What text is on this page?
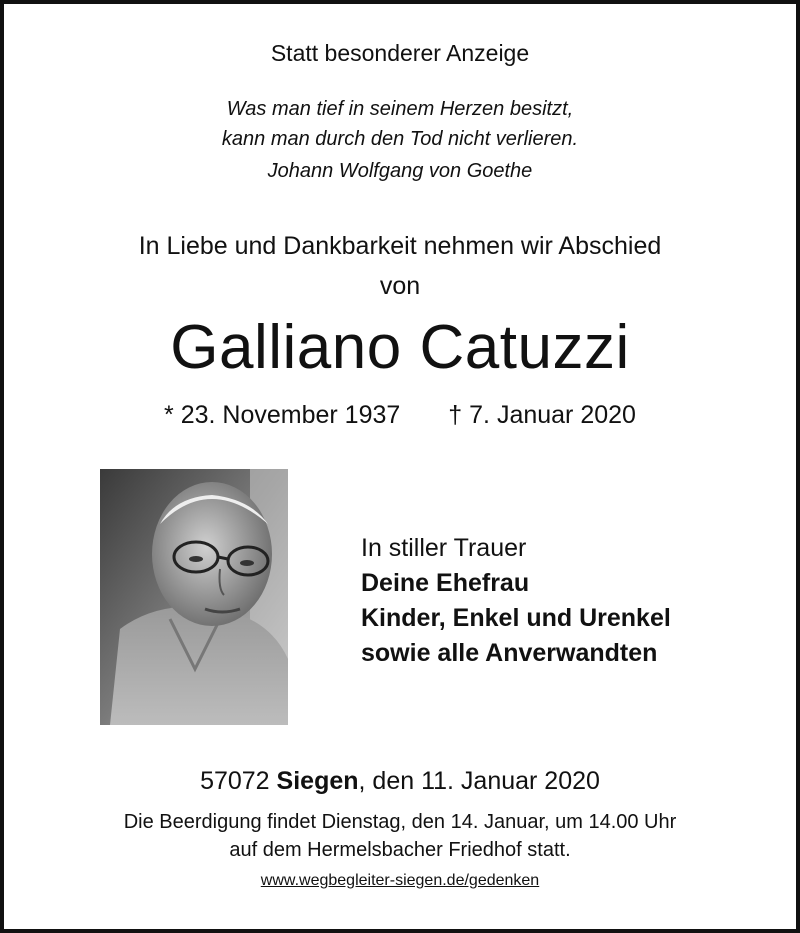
Statt besonderer Anzeige
Was man tief in seinem Herzen besitzt,
kann man durch den Tod nicht verlieren.
Johann Wolfgang von Goethe
In Liebe und Dankbarkeit nehmen wir Abschied
von
Galliano Catuzzi
* 23. November 1937 † 7. Januar 2020
In stiller Trauer
Deine Ehefrau
Kinder, Enkel und Urenkel
sowie alle Anverwandten
57072 Siegen, den 11. Januar 2020
Die Beerdigung findet Dienstag, den 14. Januar, um 14.00 Uhr
auf dem Hermelsbacher Friedhof statt.
www.wegbegleiter-siegen.de/gedenken
